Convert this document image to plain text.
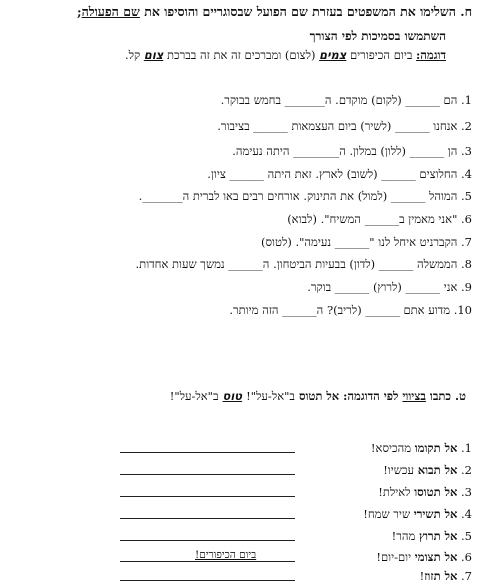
ח. השלימו את המשפטים בעזרת שם הפועל שבסוגריים והוסיפו את שם הפעולה;
השתמשו בסמיכות לפי הצורך
דוגמה: ביום הכיפורים צמים (לצום) ומברכים זה את זה בברכת צום קל.
1. הם ______ (לקום) מוקדם. ה_______ בחמש בבוקר.
2. אנחנו ______ (לשיר) ביום העצמאות ______ בציבור.
3. הן ______ (ללון) במלון. ה________ היתה נעימה.
4. החלוצים ______ (לשוב) לארץ. זאת היתה ______ ציון.
5. המוהל ______ (למול) את התינוק. אורחים רבים באו לברית ה_______.
6. "אני מאמין ב______ המשיח". (לבוא)
7. הקברניט איחל לנו "______ נעימה". (לטוס)
8. הממשלה ______ (לדון) בבעיות הביטחון. ה______ נמשך שעות אחדות.
9. אני ______ (לרוץ) ______ בוקר.
10. מדוע אתם ______ (לריב)? ה______ הזה מיותר.
ט. כתבו בציווי לפי הדוגמה: אל תטוס ב"אל-על"! טוס ב"אל-על"!
1. אל תקומו מהכיסא!
2. אל תבוא עכשיו!
3. אל תטוסו לאילת!
4. אל תשירי שיר שמח!
5. אל תרוץ מהר!
6. אל תצומי יום-יום!
ביום הכיפורים!
7. אל תזוז!
